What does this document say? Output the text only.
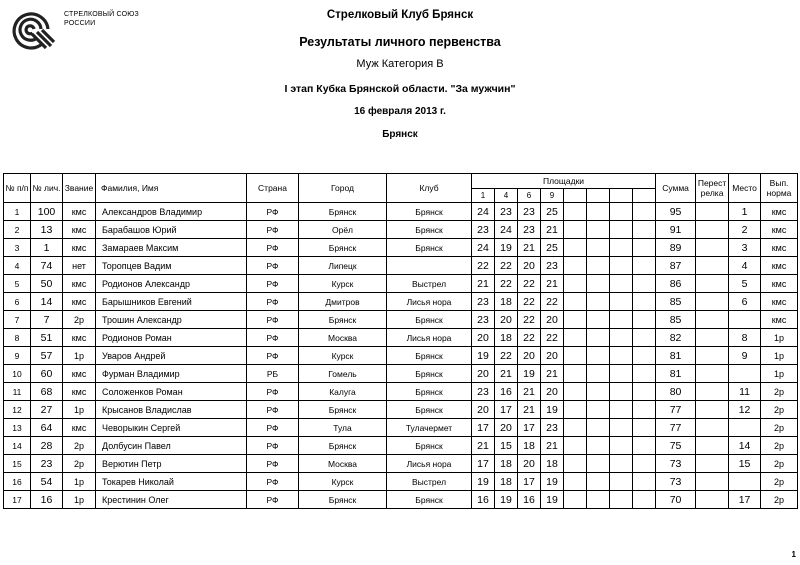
СТРЕЛКОВЫЙ СОЮЗ
РОССИИ
Стрелковый Клуб Брянск
Результаты личного первенства
Муж Категория В
I этап Кубка Брянской области. "За мужчин"
16 февраля 2013 г.
Брянск
№ п/п	№ лич.	Звание	Фамилия, Имя	Страна	Город	Клуб	Площадки								Сумма	Перестрелка	Место	Вып. норма
							1	4	6	9								
1	100	кмс	Александров Владимир	РФ	Брянск	Брянск	24	23	23	25					95		1	кмс
2	13	кмс	Барабашов Юрий	РФ	Орёл	Брянск	23	24	23	21					91		2	кмс
3	1	кмс	Замараев Максим	РФ	Брянск	Брянск	24	19	21	25					89		3	кмс
4	74	нет	Торопцев Вадим	РФ	Липецк		22	22	20	23					87		4	кмс
5	50	кмс	Родионов Александр	РФ	Курск	Выстрел	21	22	22	21					86		5	кмс
6	14	кмс	Барышников Евгений	РФ	Дмитров	Лисья нора	23	18	22	22					85		6	кмс
7	7	2р	Трошин Александр	РФ	Брянск	Брянск	23	20	22	20					85			кмс
8	51	кмс	Родионов Роман	РФ	Москва	Лисья нора	20	18	22	22					82		8	1р
9	57	1р	Уваров Андрей	РФ	Курск	Брянск	19	22	20	20					81		9	1р
10	60	кмс	Фурман Владимир	РБ	Гомель	Брянск	20	21	19	21					81			1р
11	68	кмс	Соложенков Роман	РФ	Калуга	Брянск	23	16	21	20					80		11	2р
12	27	1р	Крысанов Владислав	РФ	Брянск	Брянск	20	17	21	19					77		12	2р
13	64	кмс	Чеворыкин Сергей	РФ	Тула	Тулачермет	17	20	17	23					77			2р
14	28	2р	Долбусин Павел	РФ	Брянск	Брянск	21	15	18	21					75		14	2р
15	23	2р	Верютин Петр	РФ	Москва	Лисья нора	17	18	20	18					73		15	2р
16	54	1р	Токарев Николай	РФ	Курск	Выстрел	19	18	17	19					73			2р
17	16	1р	Крестинин Олег	РФ	Брянск	Брянск	16	19	16	19					70		17	2р
1
